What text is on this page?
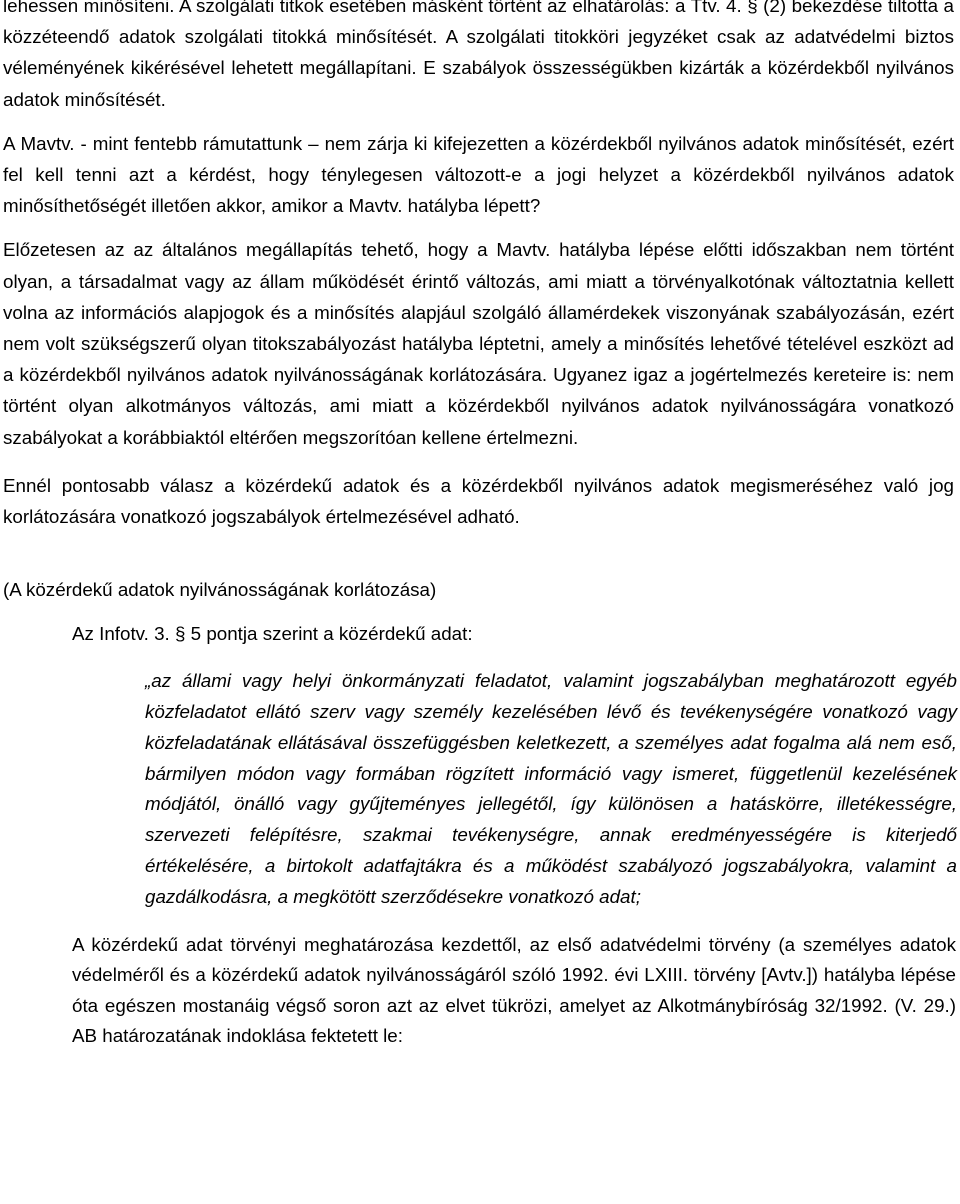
lehessen minősíteni. A szolgálati titkok esetében másként történt az elhatárolás: a Ttv. 4. § (2) bekezdése tiltotta a közzéteendő adatok szolgálati titokká minősítését. A szolgálati titokköri jegyzéket csak az adatvédelmi biztos véleményének kikérésével lehetett megállapítani. E szabályok összességükben kizárták a közérdekből nyilvános adatok minősítését.

A Mavtv. - mint fentebb rámutattunk – nem zárja ki kifejezetten a közérdekből nyilvános adatok minősítését, ezért fel kell tenni azt a kérdést, hogy ténylegesen változott-e a jogi helyzet a közérdekből nyilvános adatok minősíthetőségét illetően akkor, amikor a Mavtv. hatályba lépett?

Előzetesen az az általános megállapítás tehető, hogy a Mavtv. hatályba lépése előtti időszakban nem történt olyan, a társadalmat vagy az állam működését érintő változás, ami miatt a törvényalkotónak változtatnia kellett volna az információs alapjogok és a minősítés alapjául szolgáló államérdekek viszonyának szabályozásán, ezért nem volt szükségszerű olyan titokszabályozást hatályba léptetni, amely a minősítés lehetővé tételével eszközt ad a közérdekből nyilvános adatok nyilvánosságának korlátozására. Ugyanez igaz a jogértelmezés kereteire is: nem történt olyan alkotmányos változás, ami miatt a közérdekből nyilvános adatok nyilvánosságára vonatkozó szabályokat a korábbiaktól eltérően megszorítóan kellene értelmezni.

Ennél pontosabb válasz a közérdekű adatok és a közérdekből nyilvános adatok megismeréséhez való jog korlátozására vonatkozó jogszabályok értelmezésével adható.

(A közérdekű adatok nyilvánosságának korlátozása)

Az Infotv. 3. § 5 pontja szerint a közérdekű adat:

„az állami vagy helyi önkormányzati feladatot, valamint jogszabályban meghatározott egyéb közfeladatot ellátó szerv vagy személy kezelésében lévő és tevékenységére vonatkozó vagy közfeladatának ellátásával összefüggésben keletkezett, a személyes adat fogalma alá nem eső, bármilyen módon vagy formában rögzített információ vagy ismeret, függetlenül kezelésének módjától, önálló vagy gyűjteményes jellegétől, így különösen a hatáskörre, illetékességre, szervezeti felépítésre, szakmai tevékenységre, annak eredményességére is kiterjedő értékelésére, a birtokolt adatfajtákra és a működést szabályozó jogszabályokra, valamint a gazdálkodásra, a megkötött szerződésekre vonatkozó adat;

A közérdekű adat törvényi meghatározása kezdettől, az első adatvédelmi törvény (a személyes adatok védelméről és a közérdekű adatok nyilvánosságáról szóló 1992. évi LXIII. törvény [Avtv.]) hatályba lépése óta egészen mostanáig végső soron azt az elvet tükrözi, amelyet az Alkotmánybíróság 32/1992. (V. 29.) AB határozatának indoklása fektetett le:
